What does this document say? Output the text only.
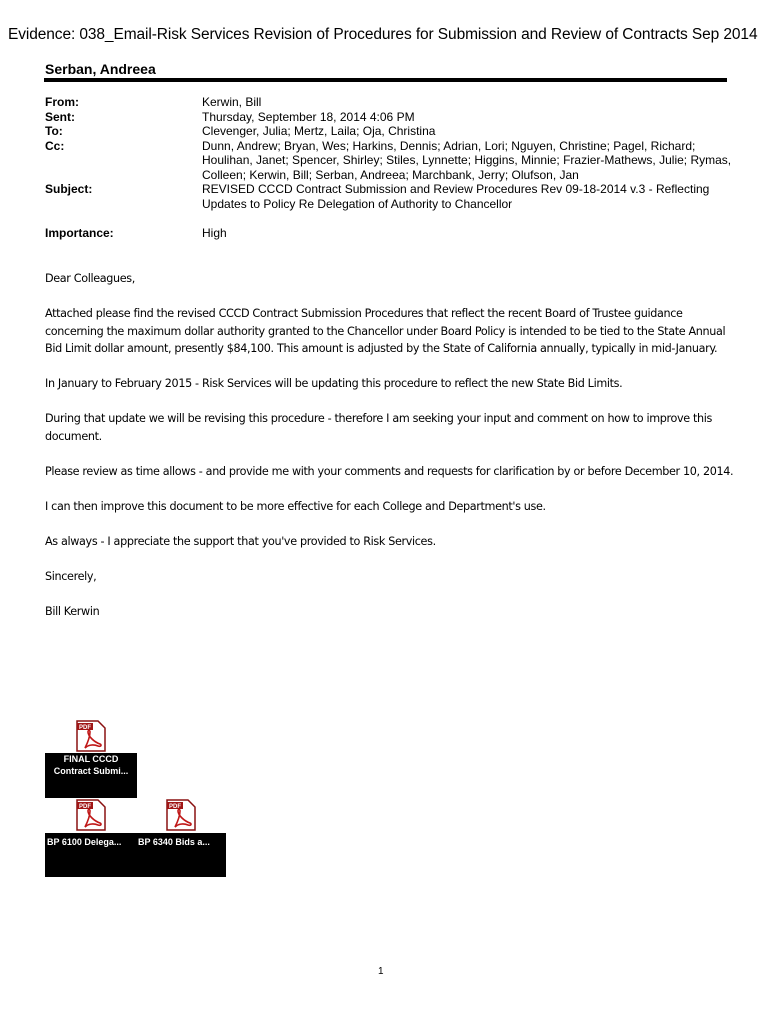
Evidence: 038_Email-Risk Services Revision of Procedures for Submission and Review of Contracts Sep 2014
Serban, Andreea
From:	Kerwin, Bill
Sent:	Thursday, September 18, 2014 4:06 PM
To:	Clevenger, Julia; Mertz, Laila; Oja, Christina
Cc:	Dunn, Andrew; Bryan, Wes; Harkins, Dennis; Adrian, Lori; Nguyen, Christine; Pagel, Richard; Houlihan, Janet; Spencer, Shirley; Stiles, Lynnette; Higgins, Minnie; Frazier-Mathews, Julie; Rymas, Colleen; Kerwin, Bill; Serban, Andreea; Marchbank, Jerry; Olufson, Jan
Subject:	REVISED CCCD Contract Submission and Review Procedures Rev 09-18-2014 v.3 - Reflecting Updates to Policy Re Delegation of Authority to Chancellor
Importance:	High

Dear Colleagues,

Attached please find the revised CCCD Contract Submission Procedures that reflect the recent Board of Trustee guidance concerning the maximum dollar authority granted to the Chancellor under Board Policy is intended to be tied to the State Annual Bid Limit dollar amount, presently $84,100. This amount is adjusted by the State of California annually, typically in mid-January.

In January to February 2015 - Risk Services will be updating this procedure to reflect the new State Bid Limits.

During that update we will be revising this procedure - therefore I am seeking your input and comment on how to improve this document.

Please review as time allows - and provide me with your comments and requests for clarification by or before December 10, 2014.

I can then improve this document to be more effective for each College and Department's use.

As always - I appreciate the support that you've provided to Risk Services.

Sincerely,

Bill Kerwin

PDF
FINAL CCCD
Contract Submi...
PDF	PDF

BP 6100 Delega...

BP 6340 Bids a...

1
